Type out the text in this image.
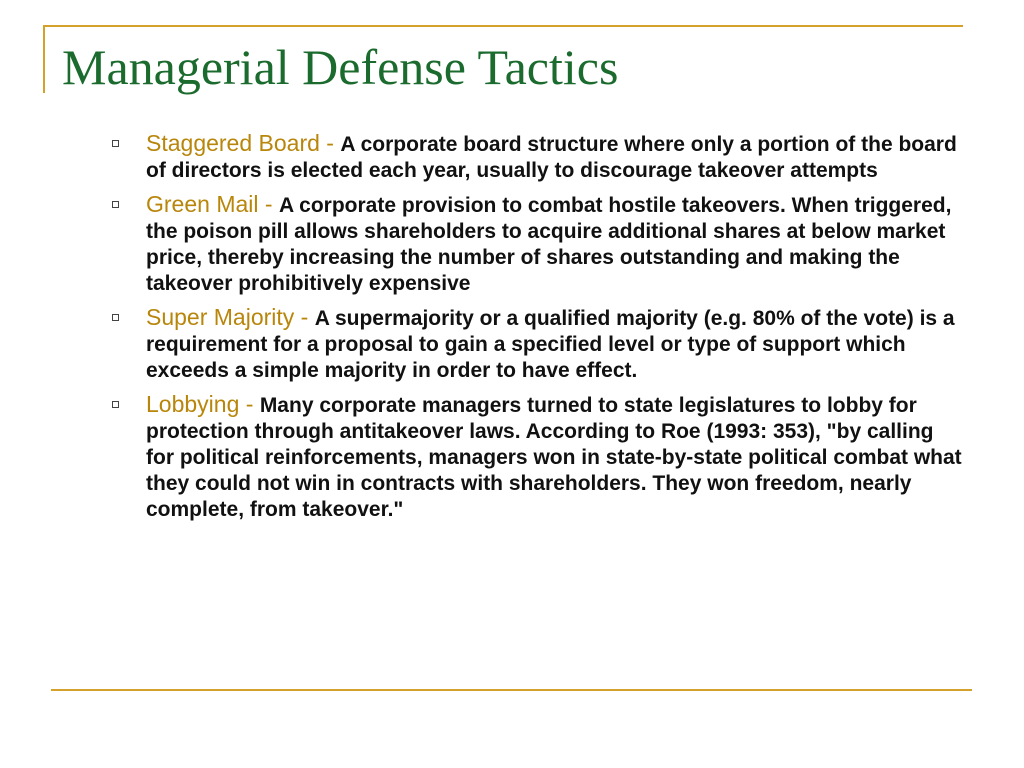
Managerial Defense Tactics

Staggered Board - A corporate board structure where only a portion of the board of directors is elected each year, usually to discourage takeover attempts

Green Mail - A corporate provision to combat hostile takeovers. When triggered, the poison pill allows shareholders to acquire additional shares at below market price, thereby increasing the number of shares outstanding and making the takeover prohibitively expensive

Super Majority - A supermajority or a qualified majority (e.g. 80% of the vote) is a requirement for a proposal to gain a specified level or type of support which exceeds a simple majority in order to have effect.

Lobbying - Many corporate managers turned to state legislatures to lobby for protection through antitakeover laws. According to Roe (1993: 353), "by calling for political reinforcements, managers won in state-by-state political combat what they could not win in contracts with shareholders. They won freedom, nearly complete, from takeover."
